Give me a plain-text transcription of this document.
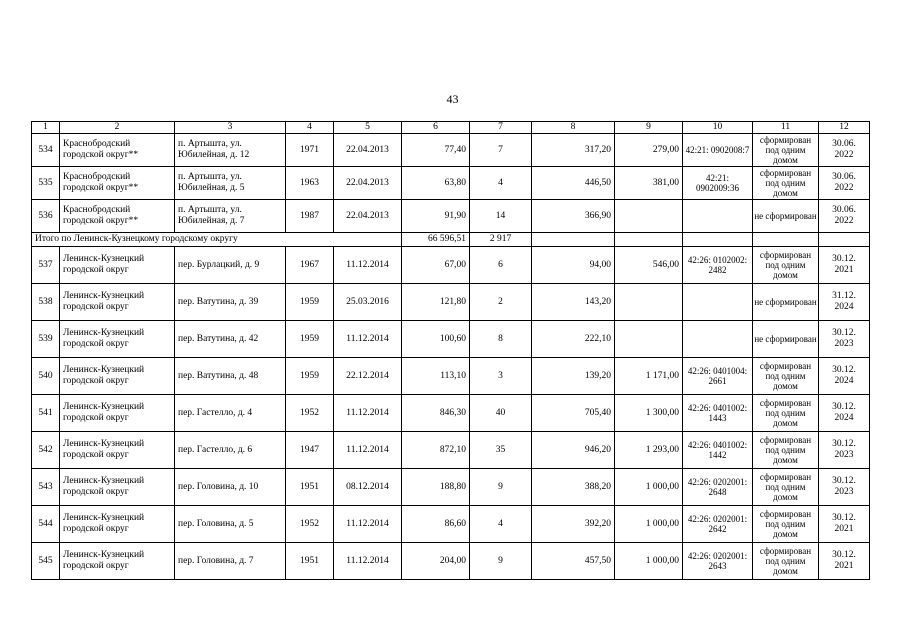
43
1	2	3	4	5	6	7	8	9	10	11	12
534	Краснобродский городской округ**	п. Артышта, ул. Юбилейная, д. 12	1971	22.04.2013	77,40	7	317,20	279,00	42:21: 0902008:7	сформирован под одним домом	30.06. 2022
535	Краснобродский городской округ**	п. Артышта, ул. Юбилейная, д. 5	1963	22.04.2013	63,80	4	446,50	381,00	42:21: 0902009:36	сформирован под одним домом	30.06. 2022
536	Краснобродский городской округ**	п. Артышта, ул. Юбилейная, д. 7	1987	22.04.2013	91,90	14	366,90			не сформирован	30.06. 2022
Итого по Ленинск-Кузнецкому городскому округу					66 596,51	2 917					
537	Ленинск-Кузнецкий городской округ	пер. Бурлацкий, д. 9	1967	11.12.2014	67,00	6	94,00	546,00	42:26: 0102002: 2482	сформирован под одним домом	30.12. 2021
538	Ленинск-Кузнецкий городской округ	пер. Ватутина, д. 39	1959	25.03.2016	121,80	2	143,20			не сформирован	31.12. 2024
539	Ленинск-Кузнецкий городской округ	пер. Ватутина, д. 42	1959	11.12.2014	100,60	8	222,10			не сформирован	30.12. 2023
540	Ленинск-Кузнецкий городской округ	пер. Ватутина, д. 48	1959	22.12.2014	113,10	3	139,20	1 171,00	42:26: 0401004: 2661	сформирован под одним домом	30.12. 2024
541	Ленинск-Кузнецкий городской округ	пер. Гастелло, д. 4	1952	11.12.2014	846,30	40	705,40	1 300,00	42:26: 0401002: 1443	сформирован под одним домом	30.12. 2024
542	Ленинск-Кузнецкий городской округ	пер. Гастелло, д. 6	1947	11.12.2014	872,10	35	946,20	1 293,00	42:26: 0401002: 1442	сформирован под одним домом	30.12. 2023
543	Ленинск-Кузнецкий городской округ	пер. Головина, д. 10	1951	08.12.2014	188,80	9	388,20	1 000,00	42:26: 0202001: 2648	сформирован под одним домом	30.12. 2023
544	Ленинск-Кузнецкий городской округ	пер. Головина, д. 5	1952	11.12.2014	86,60	4	392,20	1 000,00	42:26: 0202001: 2642	сформирован под одним домом	30.12. 2021
545	Ленинск-Кузнецкий городской округ	пер. Головина, д. 7	1951	11.12.2014	204,00	9	457,50	1 000,00	42:26: 0202001: 2643	сформирован под одним домом	30.12. 2021
